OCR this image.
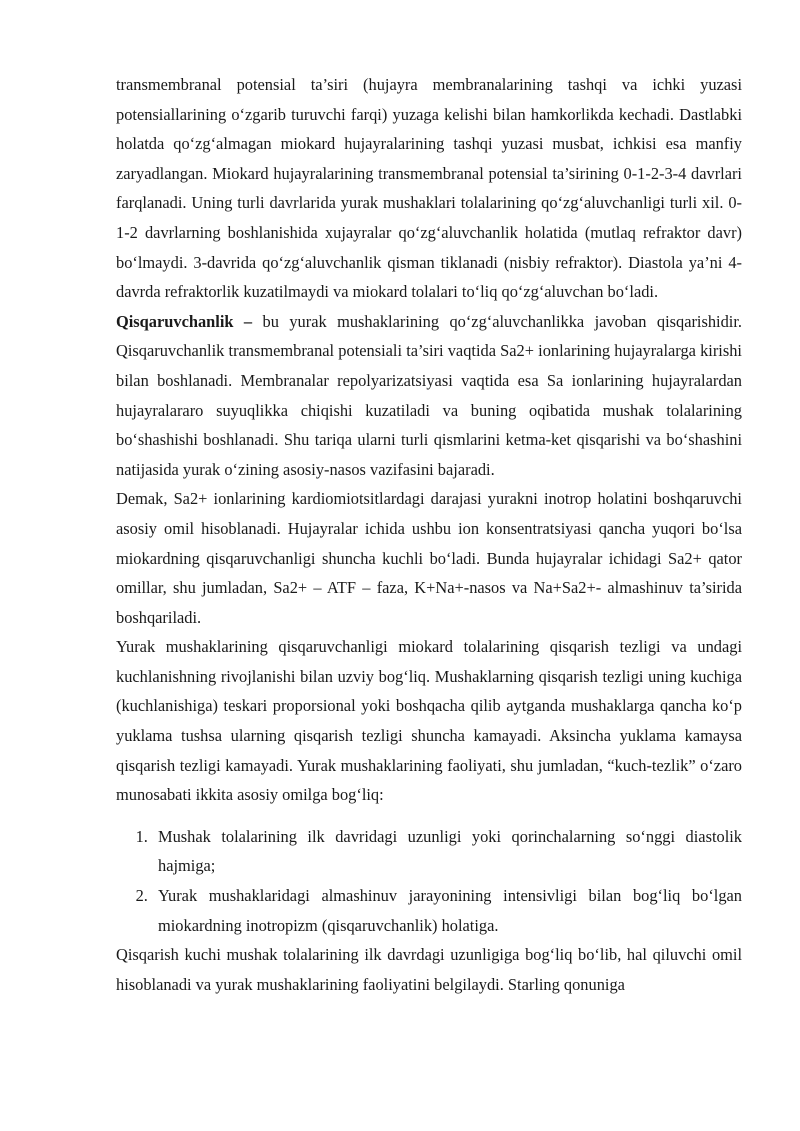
transmembranal potensial ta’siri (hujayra membranalarining tashqi va ichki yuzasi potensiallarining o‘zgarib turuvchi farqi) yuzaga kelishi bilan hamkorlikda kechadi. Dastlabki holatda qo‘zg‘almagan miokard hujayralarining tashqi yuzasi musbat, ichkisi esa manfiy zaryadlangan. Miokard hujayralarining transmembranal potensial ta’sirining 0-1-2-3-4 davrlari farqlanadi. Uning turli davrlarida yurak mushaklari tolalarining qo‘zg‘aluvchanligi turli xil. 0-1-2 davrlarning boshlanishida xujayralar qo‘zg‘aluvchanlik holatida (mutlaq refraktor davr) bo‘lmaydi. 3-davrida qo‘zg‘aluvchanlik qisman tiklanadi (nisbiy refraktor). Diastola ya’ni 4-davrda refraktorlik kuzatilmaydi va miokard tolalari to‘liq qo‘zg‘aluvchan bo‘ladi.

Qisqaruvchanlik – bu yurak mushaklarining qo‘zg‘aluvchanlikka javoban qisqarishidir. Qisqaruvchanlik transmembranal potensiali ta’siri vaqtida Sa2+ ionlarining hujayralarga kirishi bilan boshlanadi. Membranalar repolyarizatsiyasi vaqtida esa Sa ionlarining hujayralardan hujayralararo suyuqlikka chiqishi kuzatiladi va buning oqibatida mushak tolalarining bo‘shashishi boshlanadi. Shu tariqa ularni turli qismlarini ketma-ket qisqarishi va bo‘shashini natijasida yurak o‘zining asosiy-nasos vazifasini bajaradi.

Demak, Sa2+ ionlarining kardiomiotsitlardagi darajasi yurakni inotrop holatini boshqaruvchi asosiy omil hisoblanadi. Hujayralar ichida ushbu ion konsentratsiyasi qancha yuqori bo‘lsa miokardning qisqaruvchanligi shuncha kuchli bo‘ladi. Bunda hujayralar ichidagi Sa2+ qator omillar, shu jumladan, Sa2+ – ATF – faza, K+Na+-nasos va Na+Sa2+- almashinuv ta’sirida boshqariladi.

Yurak mushaklarining qisqaruvchanligi miokard tolalarining qisqarish tezligi va undagi kuchlanishning rivojlanishi bilan uzviy bog‘liq. Mushaklarning qisqarish tezligi uning kuchiga (kuchlanishiga) teskari proporsional yoki boshqacha qilib aytganda mushaklarga qancha ko‘p yuklama tushsa ularning qisqarish tezligi shuncha kamayadi. Aksincha yuklama kamaysa qisqarish tezligi kamayadi. Yurak mushaklarining faoliyati, shu jumladan, “kuch-tezlik” o‘zaro munosabati ikkita asosiy omilga bog‘liq:

1. Mushak tolalarining ilk davridagi uzunligi yoki qorinchalarning so‘nggi diastolik hajmiga;
2. Yurak mushaklaridagi almashinuv jarayonining intensivligi bilan bog‘liq bo‘lgan miokardning inotropizm (qisqaruvchanlik) holatiga.

Qisqarish kuchi mushak tolalarining ilk davrdagi uzunligiga bog‘liq bo‘lib, hal qiluvchi omil hisoblanadi va yurak mushaklarining faoliyatini belgilaydi. Starling qonuniga
